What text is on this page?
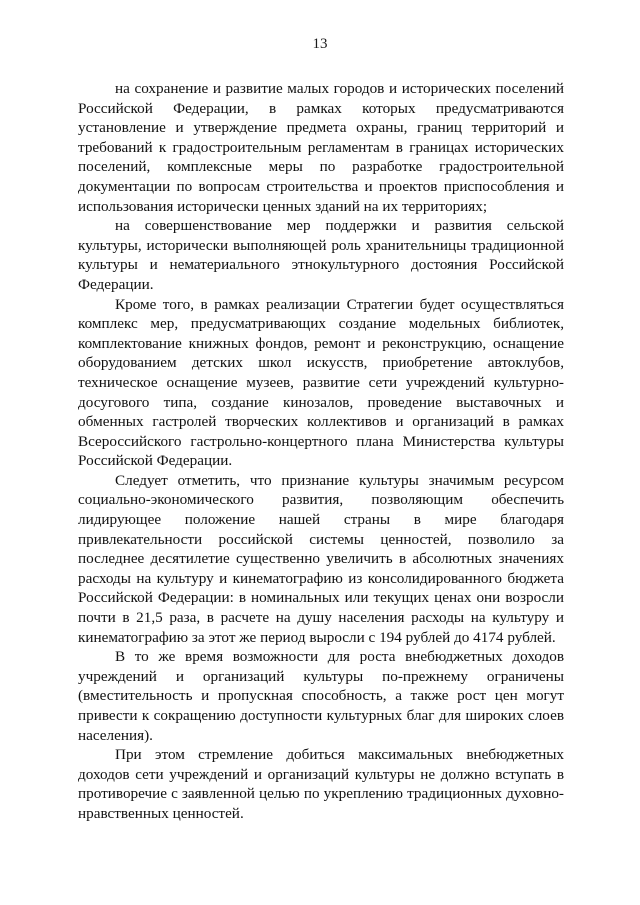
13

на сохранение и развитие малых городов и исторических поселений Российской Федерации, в рамках которых предусматриваются установление и утверждение предмета охраны, границ территорий и требований к градостроительным регламентам в границах исторических поселений, комплексные меры по разработке градостроительной документации по вопросам строительства и проектов приспособления и использования исторически ценных зданий на их территориях;

на совершенствование мер поддержки и развития сельской культуры, исторически выполняющей роль хранительницы традиционной культуры и нематериального этнокультурного достояния Российской Федерации.

Кроме того, в рамках реализации Стратегии будет осуществляться комплекс мер, предусматривающих создание модельных библиотек, комплектование книжных фондов, ремонт и реконструкцию, оснащение оборудованием детских школ искусств, приобретение автоклубов, техническое оснащение музеев, развитие сети учреждений культурно-досугового типа, создание кинозалов, проведение выставочных и обменных гастролей творческих коллективов и организаций в рамках Всероссийского гастрольно-концертного плана Министерства культуры Российской Федерации.

Следует отметить, что признание культуры значимым ресурсом социально-экономического развития, позволяющим обеспечить лидирующее положение нашей страны в мире благодаря привлекательности российской системы ценностей, позволило за последнее десятилетие существенно увеличить в абсолютных значениях расходы на культуру и кинематографию из консолидированного бюджета Российской Федерации: в номинальных или текущих ценах они возросли почти в 21,5 раза, в расчете на душу населения расходы на культуру и кинематографию за этот же период выросли с 194 рублей до 4174 рублей.

В то же время возможности для роста внебюджетных доходов учреждений и организаций культуры по-прежнему ограничены (вместительность и пропускная способность, а также рост цен могут привести к сокращению доступности культурных благ для широких слоев населения).

При этом стремление добиться максимальных внебюджетных доходов сети учреждений и организаций культуры не должно вступать в противоречие с заявленной целью по укреплению традиционных духовно-нравственных ценностей.
